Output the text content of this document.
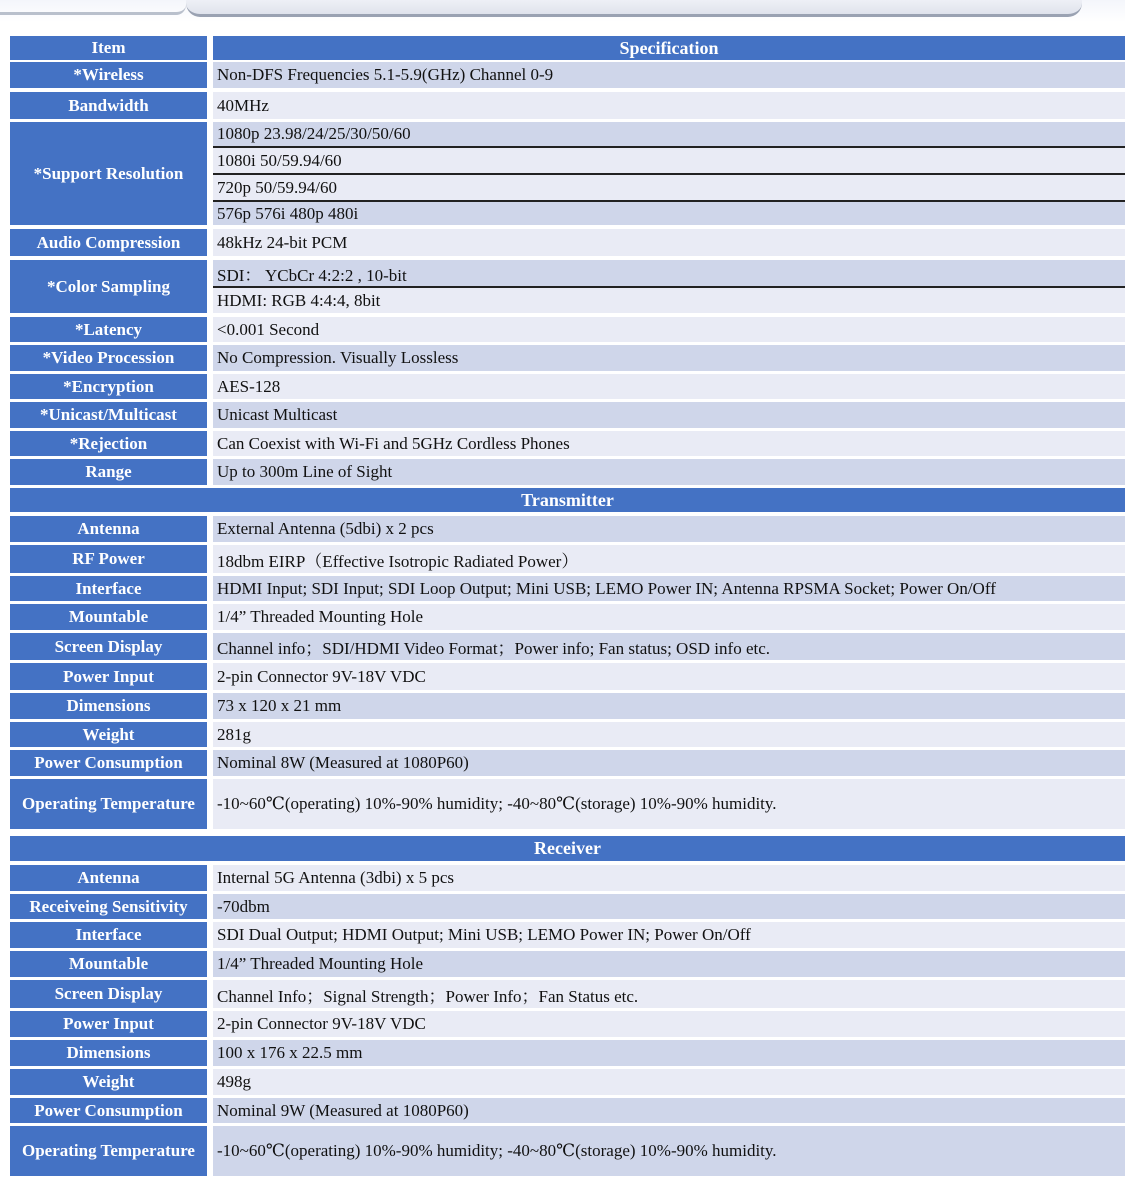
Item	Specification
*Wireless	Non-DFS Frequencies 5.1-5.9(GHz) Channel 0-9
Bandwidth	40MHz
*Support Resolution
1080p 23.98/24/25/30/50/60
1080i 50/59.94/60
720p 50/59.94/60
576p 576i 480p 480i
Audio Compression	48kHz 24-bit PCM
*Color Sampling
SDI： YCbCr 4:2:2 , 10-bit
HDMI: RGB 4:4:4, 8bit
*Latency	<0.001 Second
*Video Procession	No Compression. Visually Lossless
*Encryption	AES-128
*Unicast/Multicast	Unicast Multicast
*Rejection	Can Coexist with Wi-Fi and 5GHz Cordless Phones
Range	Up to 300m Line of Sight
Transmitter
Antenna	External Antenna (5dbi) x 2 pcs
RF Power	18dbm EIRP（Effective Isotropic Radiated Power）
Interface	HDMI Input; SDI Input; SDI Loop Output; Mini USB; LEMO Power IN; Antenna RPSMA Socket; Power On/Off
Mountable	1/4” Threaded Mounting Hole
Screen Display	Channel info；SDI/HDMI Video Format；Power info; Fan status; OSD info etc.
Power Input	2-pin Connector 9V-18V VDC
Dimensions	73 x 120 x 21 mm
Weight	281g
Power Consumption	Nominal 8W (Measured at 1080P60)
Operating Temperature	-10~60℃(operating) 10%-90% humidity; -40~80℃(storage) 10%-90% humidity.
Receiver
Antenna	Internal 5G Antenna (3dbi) x 5 pcs
Receiveing Sensitivity	-70dbm
Interface	SDI Dual Output; HDMI Output; Mini USB; LEMO Power IN; Power On/Off
Mountable	1/4” Threaded Mounting Hole
Screen Display	Channel Info；Signal Strength；Power Info；Fan Status etc.
Power Input	2-pin Connector 9V-18V VDC
Dimensions	100 x 176 x 22.5 mm
Weight	498g
Power Consumption	Nominal 9W (Measured at 1080P60)
Operating Temperature	-10~60℃(operating) 10%-90% humidity; -40~80℃(storage) 10%-90% humidity.
